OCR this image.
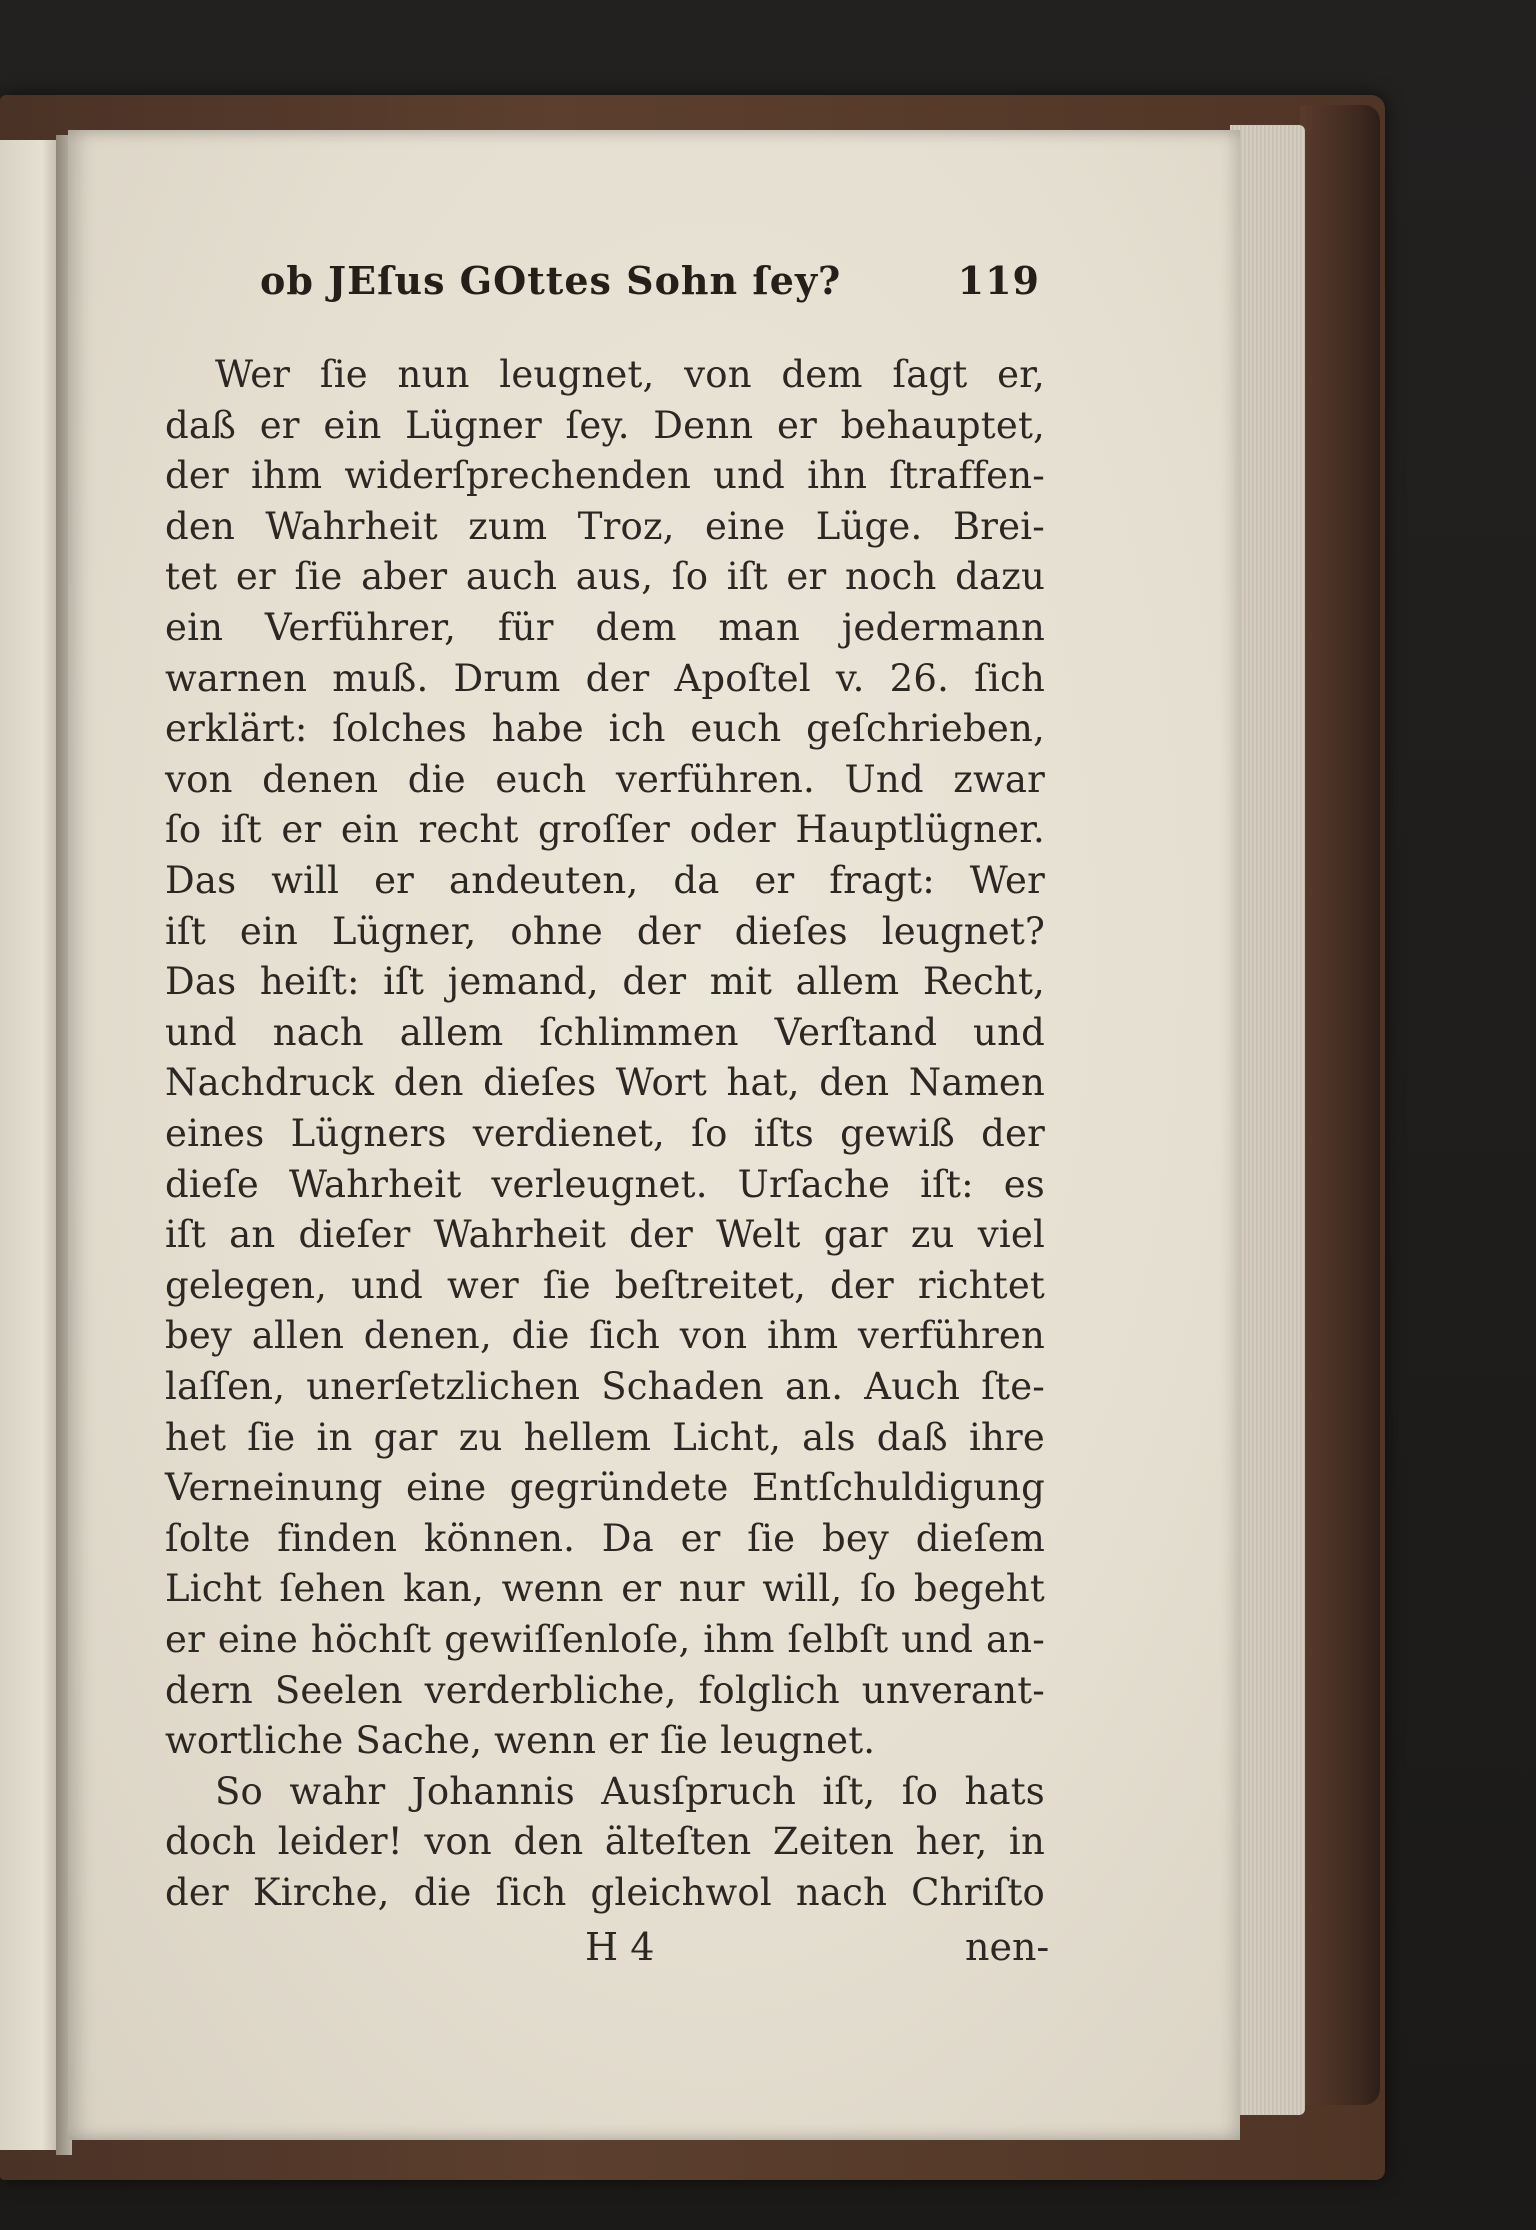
ob JEſus GOttes Sohn ſey?	119
Wer ſie nun leugnet, von dem ſagt er,
daß er ein Lügner ſey. Denn er behauptet,
der ihm widerſprechenden und ihn ſtraffen-
den Wahrheit zum Troz, eine Lüge. Brei-
tet er ſie aber auch aus, ſo iſt er noch dazu
ein Verführer, für dem man jedermann
warnen muß. Drum der Apoſtel v. 26. ſich
erklärt: ſolches habe ich euch geſchrieben,
von denen die euch verführen. Und zwar
ſo iſt er ein recht groſſer oder Hauptlügner.
Das will er andeuten, da er fragt: Wer
iſt ein Lügner, ohne der dieſes leugnet?
Das heiſt: iſt jemand, der mit allem Recht,
und nach allem ſchlimmen Verſtand und
Nachdruck den dieſes Wort hat, den Namen
eines Lügners verdienet, ſo iſts gewiß der
dieſe Wahrheit verleugnet. Urſache iſt: es
iſt an dieſer Wahrheit der Welt gar zu viel
gelegen, und wer ſie beſtreitet, der richtet
bey allen denen, die ſich von ihm verführen
laſſen, unerſetzlichen Schaden an. Auch ſte-
het ſie in gar zu hellem Licht, als daß ihre
Verneinung eine gegründete Entſchuldigung
ſolte finden können. Da er ſie bey dieſem
Licht ſehen kan, wenn er nur will, ſo begeht
er eine höchſt gewiſſenloſe, ihm ſelbſt und an-
dern Seelen verderbliche, folglich unverant-
wortliche Sache, wenn er ſie leugnet.
So wahr Johannis Ausſpruch iſt, ſo hats
doch leider! von den älteſten Zeiten her, in
der Kirche, die ſich gleichwol nach Chriſto
H 4	nen-
